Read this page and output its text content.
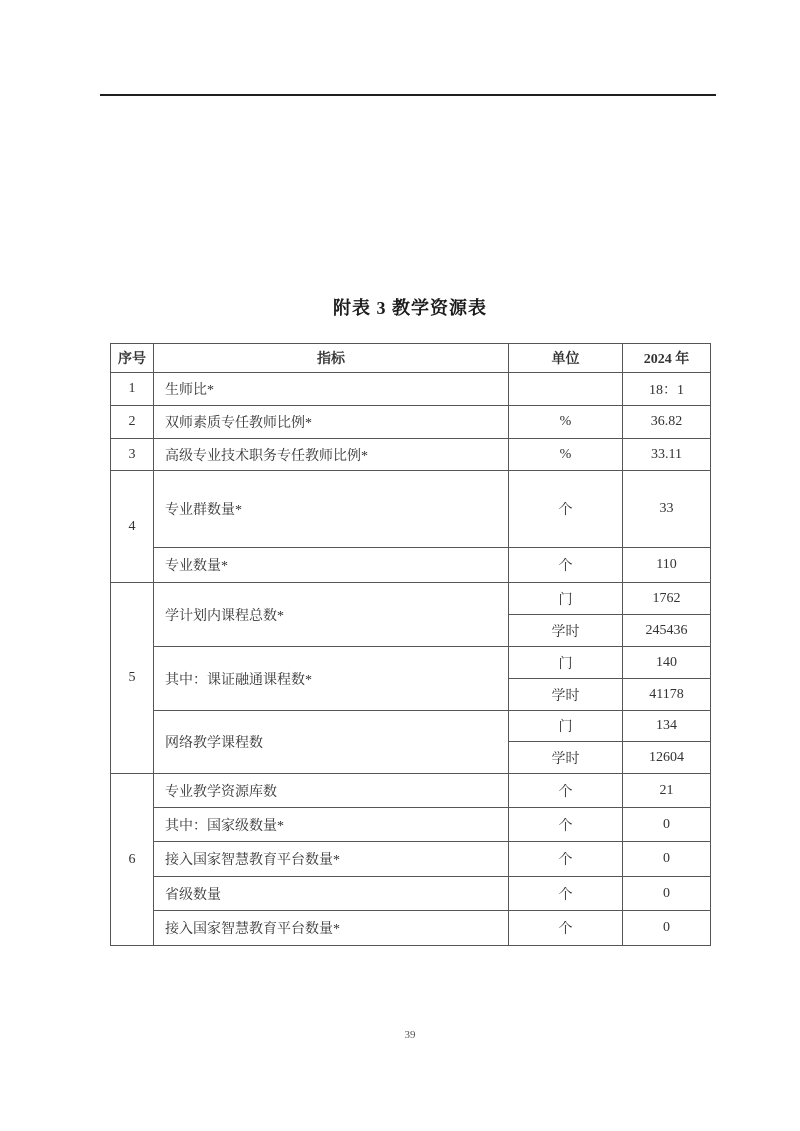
附表 3 教学资源表
序号	指标	单位	2024 年
1	生师比*		18：1
2	双师素质专任教师比例*	%	36.82
3	高级专业技术职务专任教师比例*	%	33.11
4	专业群数量*	个	33
	专业数量*	个	110
5	学计划内课程总数*	门	1762
		学时	245436
	其中：课证融通课程数*	门	140
		学时	41178
	网络教学课程数	门	134
		学时	12604
6	专业教学资源库数	个	21
	其中：国家级数量*	个	0
	接入国家智慧教育平台数量*	个	0
	省级数量	个	0
	接入国家智慧教育平台数量*	个	0
39
